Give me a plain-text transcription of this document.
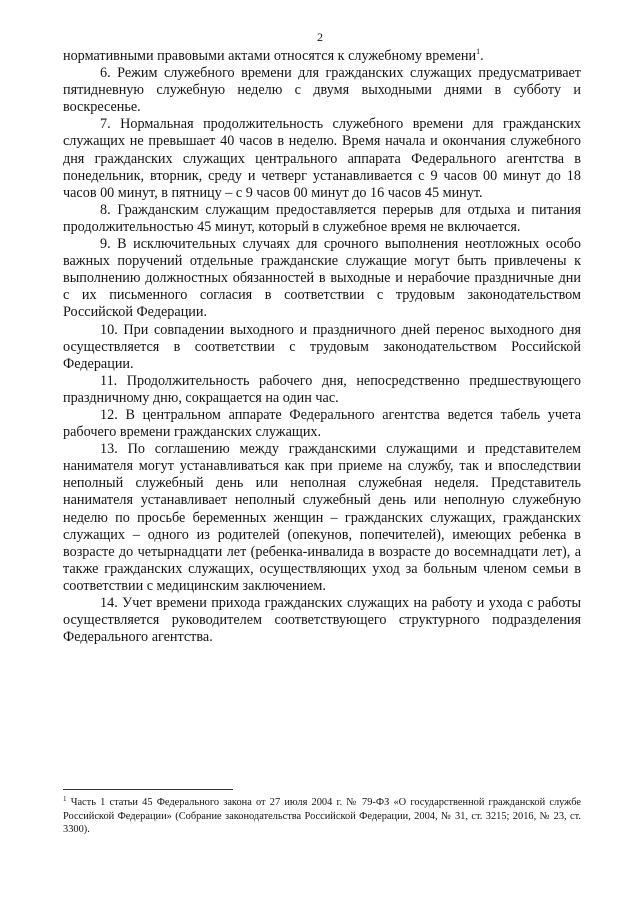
2

нормативными правовыми актами относятся к служебному времени$^1$.

6. Режим служебного времени для гражданских служащих предусматривает пятидневную служебную неделю с двумя выходными днями в субботу и воскресенье.

7. Нормальная продолжительность служебного времени для гражданских служащих не превышает 40 часов в неделю. Время начала и окончания служебного дня гражданских служащих центрального аппарата Федерального агентства в понедельник, вторник, среду и четверг устанавливается с 9 часов 00 минут до 18 часов 00 минут, в пятницу – с 9 часов 00 минут до 16 часов 45 минут.

8. Гражданским служащим предоставляется перерыв для отдыха и питания продолжительностью 45 минут, который в служебное время не включается.

9. В исключительных случаях для срочного выполнения неотложных особо важных поручений отдельные гражданские служащие могут быть привлечены к выполнению должностных обязанностей в выходные и нерабочие праздничные дни с их письменного согласия в соответствии с трудовым законодательством Российской Федерации.

10. При совпадении выходного и праздничного дней перенос выходного дня осуществляется в соответствии с трудовым законодательством Российской Федерации.

11. Продолжительность рабочего дня, непосредственно предшествующего праздничному дню, сокращается на один час.

12. В центральном аппарате Федерального агентства ведется табель учета рабочего времени гражданских служащих.

13. По соглашению между гражданскими служащими и представителем нанимателя могут устанавливаться как при приеме на службу, так и впоследствии неполный служебный день или неполная служебная неделя. Представитель нанимателя устанавливает неполный служебный день или неполную служебную неделю по просьбе беременных женщин – гражданских служащих, гражданских служащих – одного из родителей (опекунов, попечителей), имеющих ребенка в возрасте до четырнадцати лет (ребенка-инвалида в возрасте до восемнадцати лет), а также гражданских служащих, осуществляющих уход за больным членом семьи в соответствии с медицинским заключением.

14. Учет времени прихода гражданских служащих на работу и ухода с работы осуществляется руководителем соответствующего структурного подразделения Федерального агентства.

$^1$ Часть 1 статьи 45 Федерального закона от 27 июля 2004 г. № 79-ФЗ «О государственной гражданской службе Российской Федерации» (Собрание законодательства Российской Федерации, 2004, № 31, ст. 3215; 2016, № 23, ст. 3300).
